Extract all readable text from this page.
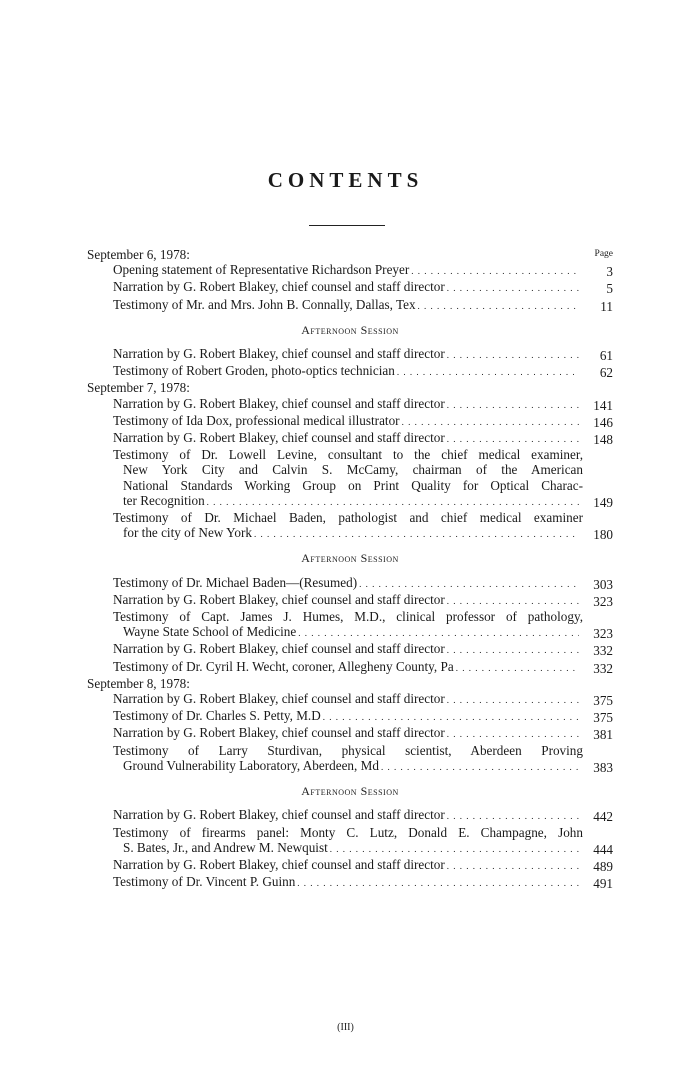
CONTENTS
Page
September 6, 1978:
Opening statement of Representative Richardson Preyer . . .	3
Narration by G. Robert Blakey, chief counsel and staff director . . .	5
Testimony of Mr. and Mrs. John B. Connally, Dallas, Tex . . .	11
Afternoon Session
Narration by G. Robert Blakey, chief counsel and staff director . . .	61
Testimony of Robert Groden, photo-optics technician . . .	62
September 7, 1978:
Narration by G. Robert Blakey, chief counsel and staff director . . .	141
Testimony of Ida Dox, professional medical illustrator . . .	146
Narration by G. Robert Blakey, chief counsel and staff director . . .	148
Testimony of Dr. Lowell Levine, consultant to the chief medical examiner,
New York City and Calvin S. McCamy, chairman of the American
National Standards Working Group on Print Quality for Optical Charac-
ter Recognition . . .	149
Testimony of Dr. Michael Baden, pathologist and chief medical examiner
for the city of New York . . .	180
Afternoon Session
Testimony of Dr. Michael Baden—(Resumed) . . .	303
Narration by G. Robert Blakey, chief counsel and staff director . . .	323
Testimony of Capt. James J. Humes, M.D., clinical professor of pathology,
Wayne State School of Medicine . . .	323
Narration by G. Robert Blakey, chief counsel and staff director . . .	332
Testimony of Dr. Cyril H. Wecht, coroner, Allegheny County, Pa . . .	332
September 8, 1978:
Narration by G. Robert Blakey, chief counsel and staff director . . .	375
Testimony of Dr. Charles S. Petty, M.D . . .	375
Narration by G. Robert Blakey, chief counsel and staff director . . .	381
Testimony of Larry Sturdivan, physical scientist, Aberdeen Proving
Ground Vulnerability Laboratory, Aberdeen, Md . . .	383
Afternoon Session
Narration by G. Robert Blakey, chief counsel and staff director . . .	442
Testimony of firearms panel: Monty C. Lutz, Donald E. Champagne, John
S. Bates, Jr., and Andrew M. Newquist . . .	444
Narration by G. Robert Blakey, chief counsel and staff director . . .	489
Testimony of Dr. Vincent P. Guinn . . .	491
(III)
